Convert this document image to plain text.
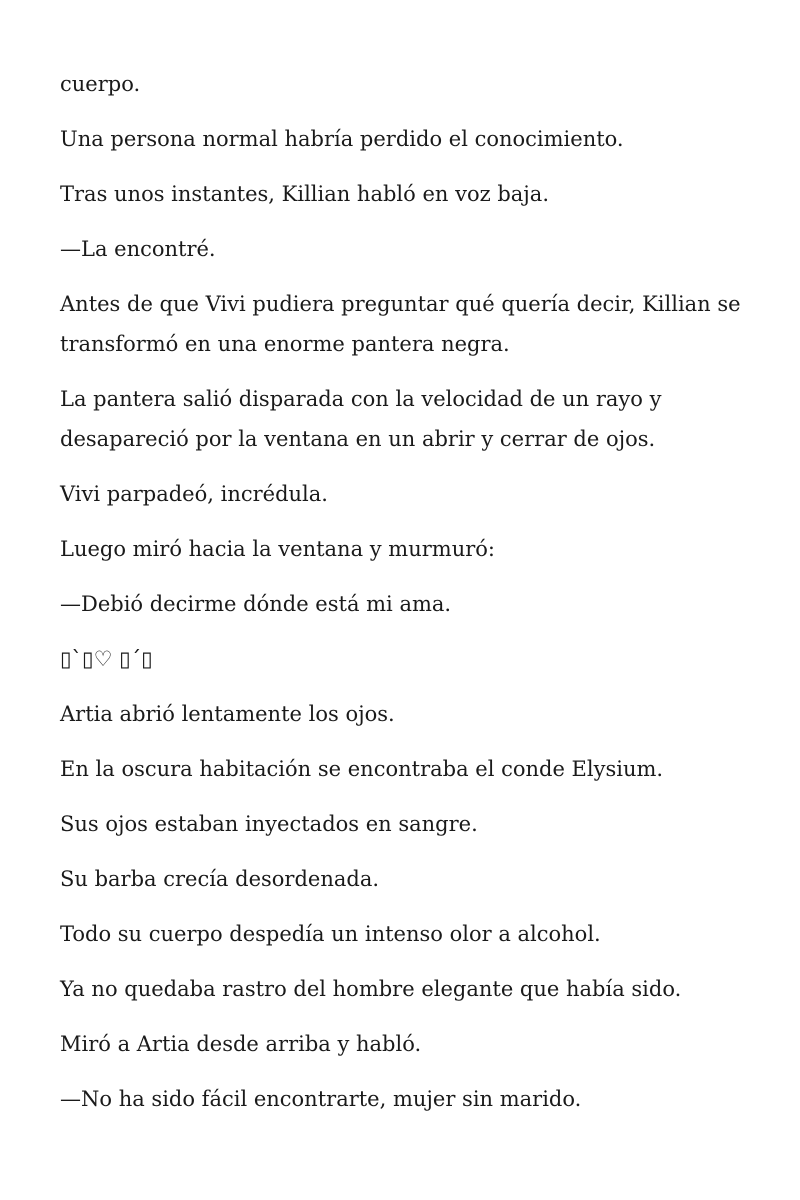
cuerpo.

Una persona normal habría perdido el conocimiento.

Tras unos instantes, Killian habló en voz baja.

—La encontré.

Antes de que Vivi pudiera preguntar qué quería decir, Killian se transformó en una enorme pantera negra.

La pantera salió disparada con la velocidad de un rayo y desapareció por la ventana en un abrir y cerrar de ojos.

Vivi parpadeó, incrédula.

Luego miró hacia la ventana y murmuró:

—Debió decirme dónde está mi ama.

▯`▯♡ ▯´▯

Artia abrió lentamente los ojos.

En la oscura habitación se encontraba el conde Elysium.

Sus ojos estaban inyectados en sangre.

Su barba crecía desordenada.

Todo su cuerpo despedía un intenso olor a alcohol.

Ya no quedaba rastro del hombre elegante que había sido.

Miró a Artia desde arriba y habló.

—No ha sido fácil encontrarte, mujer sin marido.
